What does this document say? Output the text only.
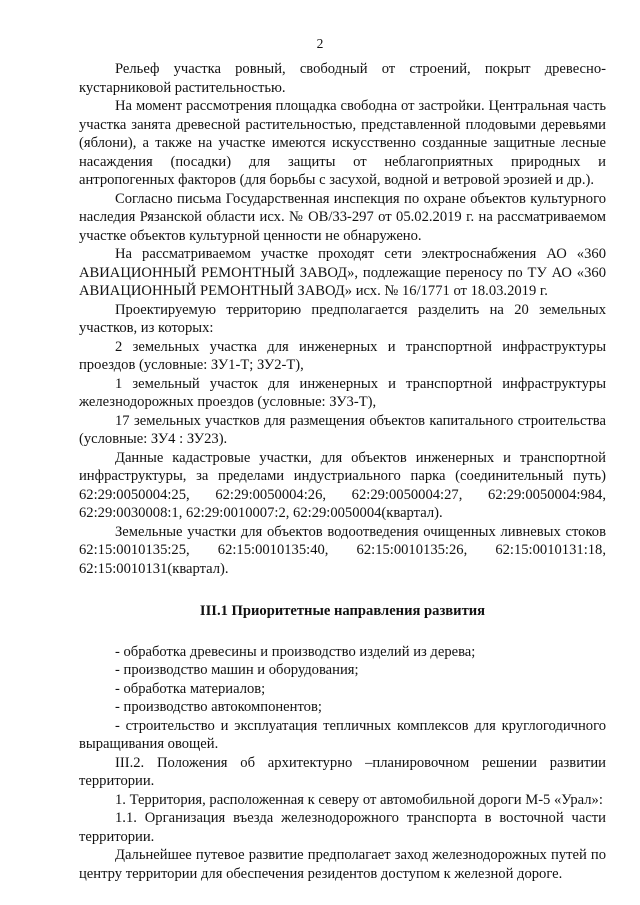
2

Рельеф участка ровный, свободный от строений, покрыт древесно-кустарниковой растительностью.

На момент рассмотрения площадка свободна от застройки. Центральная часть участка занята древесной растительностью, представленной плодовыми деревьями (яблони), а также на участке имеются искусственно созданные защитные лесные насаждения (посадки) для защиты от неблагоприятных природных и антропогенных факторов (для борьбы с засухой, водной и ветровой эрозией и др.).

Согласно письма Государственная инспекция по охране объектов культурного наследия Рязанской области исх. № ОВ/33-297 от 05.02.2019 г. на рассматриваемом участке объектов культурной ценности не обнаружено.

На рассматриваемом участке проходят сети электроснабжения АО «360 АВИАЦИОННЫЙ РЕМОНТНЫЙ ЗАВОД», подлежащие переносу по ТУ АО «360 АВИАЦИОННЫЙ РЕМОНТНЫЙ ЗАВОД» исх. № 16/1771 от 18.03.2019 г.

Проектируемую территорию предполагается разделить на 20 земельных участков, из которых:

2 земельных участка для инженерных и транспортной инфраструктуры проездов (условные: ЗУ1-Т; ЗУ2-Т),

1 земельный участок для инженерных и транспортной инфраструктуры железнодорожных проездов (условные: ЗУ3-Т),

17 земельных участков для размещения объектов капитального строительства (условные: ЗУ4 : ЗУ23).

Данные кадастровые участки, для объектов инженерных и транспортной инфраструктуры, за пределами индустриального парка (соединительный путь) 62:29:0050004:25, 62:29:0050004:26, 62:29:0050004:27, 62:29:0050004:984, 62:29:0030008:1, 62:29:0010007:2, 62:29:0050004(квартал).

Земельные участки для объектов водоотведения очищенных ливневых стоков 62:15:0010135:25, 62:15:0010135:40, 62:15:0010135:26, 62:15:0010131:18, 62:15:0010131(квартал).

III.1 Приоритетные направления развития

- обработка древесины и производство изделий из дерева;
- производство машин и оборудования;
- обработка материалов;
- производство автокомпонентов;
- строительство и эксплуатация тепличных комплексов для круглогодичного выращивания овощей.

III.2. Положения об архитектурно –планировочном решении развитии территории.

1. Территория, расположенная к северу от автомобильной дороги М-5 «Урал»:

1.1. Организация въезда железнодорожного транспорта в восточной части территории.

Дальнейшее путевое развитие предполагает заход железнодорожных путей по центру территории для обеспечения резидентов доступом к железной дороге.
